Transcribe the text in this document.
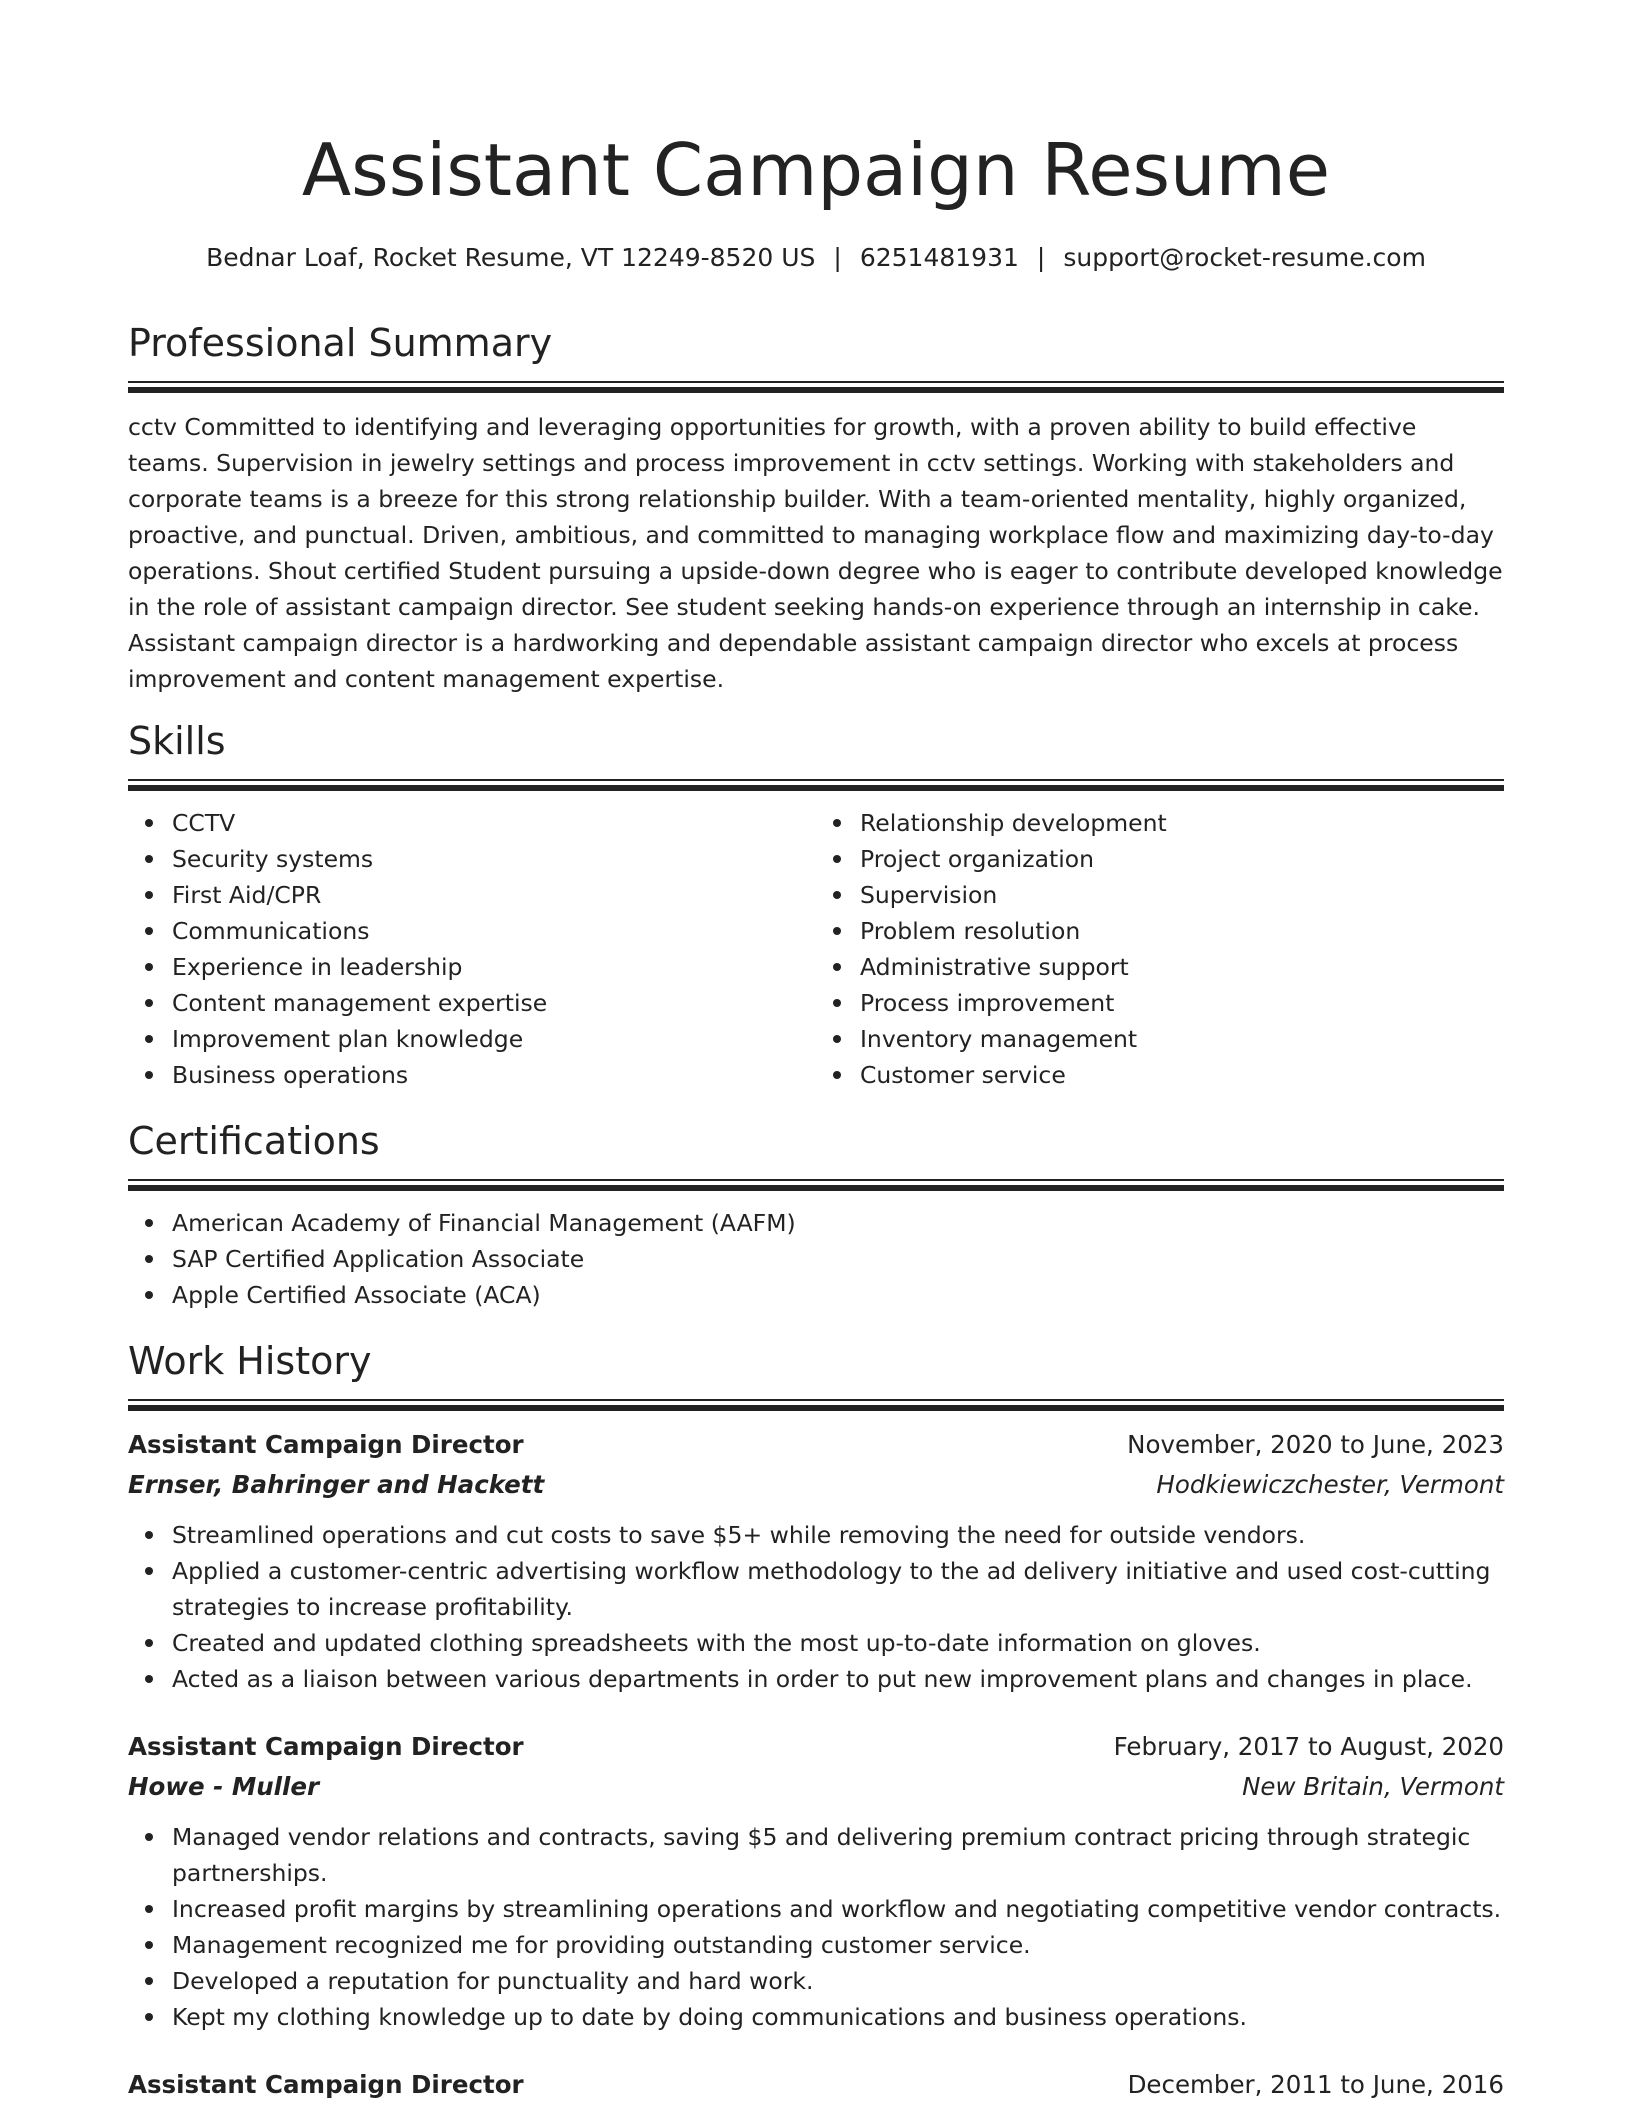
Assistant Campaign Resume
Bednar Loaf, Rocket Resume, VT 12249-8520 US | 6251481931 | support@rocket-resume.com
Professional Summary

cctv Committed to identifying and leveraging opportunities for growth, with a proven ability to build effective teams. Supervision in jewelry settings and process improvement in cctv settings. Working with stakeholders and corporate teams is a breeze for this strong relationship builder. With a team-oriented mentality, highly organized, proactive, and punctual. Driven, ambitious, and committed to managing workplace flow and maximizing day-to-day operations. Shout certified Student pursuing a upside-down degree who is eager to contribute developed knowledge in the role of assistant campaign director. See student seeking hands-on experience through an internship in cake. Assistant campaign director is a hardworking and dependable assistant campaign director who excels at process improvement and content management expertise.

Skills
CCTV
Security systems
First Aid/CPR
Communications
Experience in leadership
Content management expertise
Improvement plan knowledge
Business operations
Relationship development
Project organization
Supervision
Problem resolution
Administrative support
Process improvement
Inventory management
Customer service
Certifications
American Academy of Financial Management (AAFM)
SAP Certified Application Associate
Apple Certified Associate (ACA)
Work History
Assistant Campaign Director	November, 2020 to June, 2023
Ernser, Bahringer and Hackett	Hodkiewiczchester, Vermont
Streamlined operations and cut costs to save $5+ while removing the need for outside vendors.
Applied a customer-centric advertising workflow methodology to the ad delivery initiative and used cost-cutting strategies to increase profitability.
Created and updated clothing spreadsheets with the most up-to-date information on gloves.
Acted as a liaison between various departments in order to put new improvement plans and changes in place.
Assistant Campaign Director	February, 2017 to August, 2020
Howe - Muller	New Britain, Vermont
Managed vendor relations and contracts, saving $5 and delivering premium contract pricing through strategic partnerships.
Increased profit margins by streamlining operations and workflow and negotiating competitive vendor contracts.
Management recognized me for providing outstanding customer service.
Developed a reputation for punctuality and hard work.
Kept my clothing knowledge up to date by doing communications and business operations.
Assistant Campaign Director	December, 2011 to June, 2016
